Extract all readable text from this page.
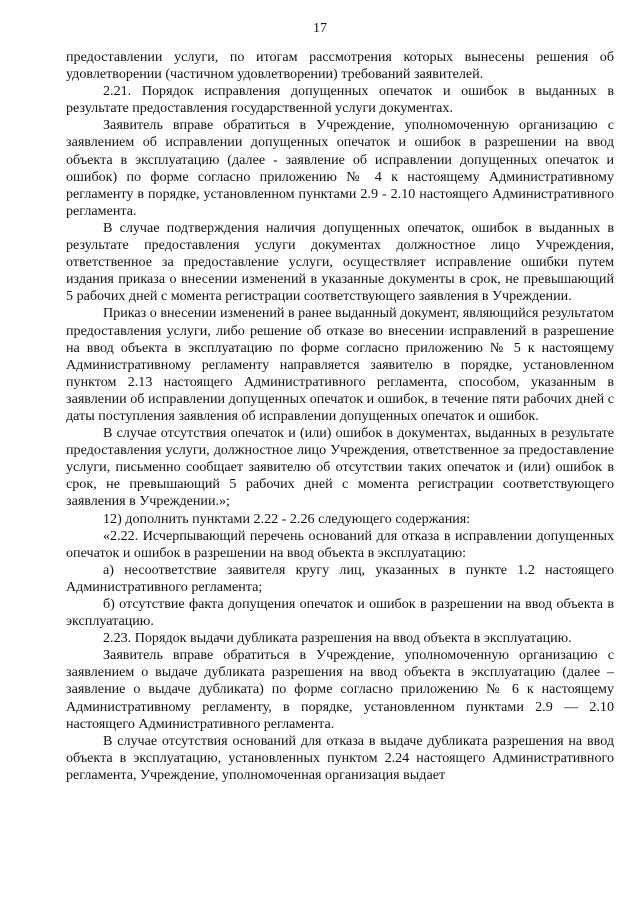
17

предоставлении услуги, по итогам рассмотрения которых вынесены решения об удовлетворении (частичном удовлетворении) требований заявителей.

2.21. Порядок исправления допущенных опечаток и ошибок в выданных в результате предоставления государственной услуги документах.

Заявитель вправе обратиться в Учреждение, уполномоченную организацию с заявлением об исправлении допущенных опечаток и ошибок в разрешении на ввод объекта в эксплуатацию (далее - заявление об исправлении допущенных опечаток и ошибок) по форме согласно приложению № 4 к настоящему Административному регламенту в порядке, установленном пунктами 2.9 - 2.10 настоящего Административного регламента.

В случае подтверждения наличия допущенных опечаток, ошибок в выданных в результате предоставления услуги документах должностное лицо Учреждения, ответственное за предоставление услуги, осуществляет исправление ошибки путем издания приказа о внесении изменений в указанные документы в срок, не превышающий 5 рабочих дней с момента регистрации соответствующего заявления в Учреждении.

Приказ о внесении изменений в ранее выданный документ, являющийся результатом предоставления услуги, либо решение об отказе во внесении исправлений в разрешение на ввод объекта в эксплуатацию по форме согласно приложению № 5 к настоящему Административному регламенту направляется заявителю в порядке, установленном пунктом 2.13 настоящего Административного регламента, способом, указанным в заявлении об исправлении допущенных опечаток и ошибок, в течение пяти рабочих дней с даты поступления заявления об исправлении допущенных опечаток и ошибок.

В случае отсутствия опечаток и (или) ошибок в документах, выданных в результате предоставления услуги, должностное лицо Учреждения, ответственное за предоставление услуги, письменно сообщает заявителю об отсутствии таких опечаток и (или) ошибок в срок, не превышающий 5 рабочих дней с момента регистрации соответствующего заявления в Учреждении.»;

12) дополнить пунктами 2.22 - 2.26 следующего содержания:

«2.22. Исчерпывающий перечень оснований для отказа в исправлении допущенных опечаток и ошибок в разрешении на ввод объекта в эксплуатацию:

а) несоответствие заявителя кругу лиц, указанных в пункте 1.2 настоящего Административного регламента;

б) отсутствие факта допущения опечаток и ошибок в разрешении на ввод объекта в эксплуатацию.

2.23. Порядок выдачи дубликата разрешения на ввод объекта в эксплуатацию.

Заявитель вправе обратиться в Учреждение, уполномоченную организацию с заявлением о выдаче дубликата разрешения на ввод объекта в эксплуатацию (далее – заявление о выдаче дубликата) по форме согласно приложению № 6 к настоящему Административному регламенту, в порядке, установленном пунктами 2.9 — 2.10 настоящего Административного регламента.

В случае отсутствия оснований для отказа в выдаче дубликата разрешения на ввод объекта в эксплуатацию, установленных пунктом 2.24 настоящего Административного регламента, Учреждение, уполномоченная организация выдает
